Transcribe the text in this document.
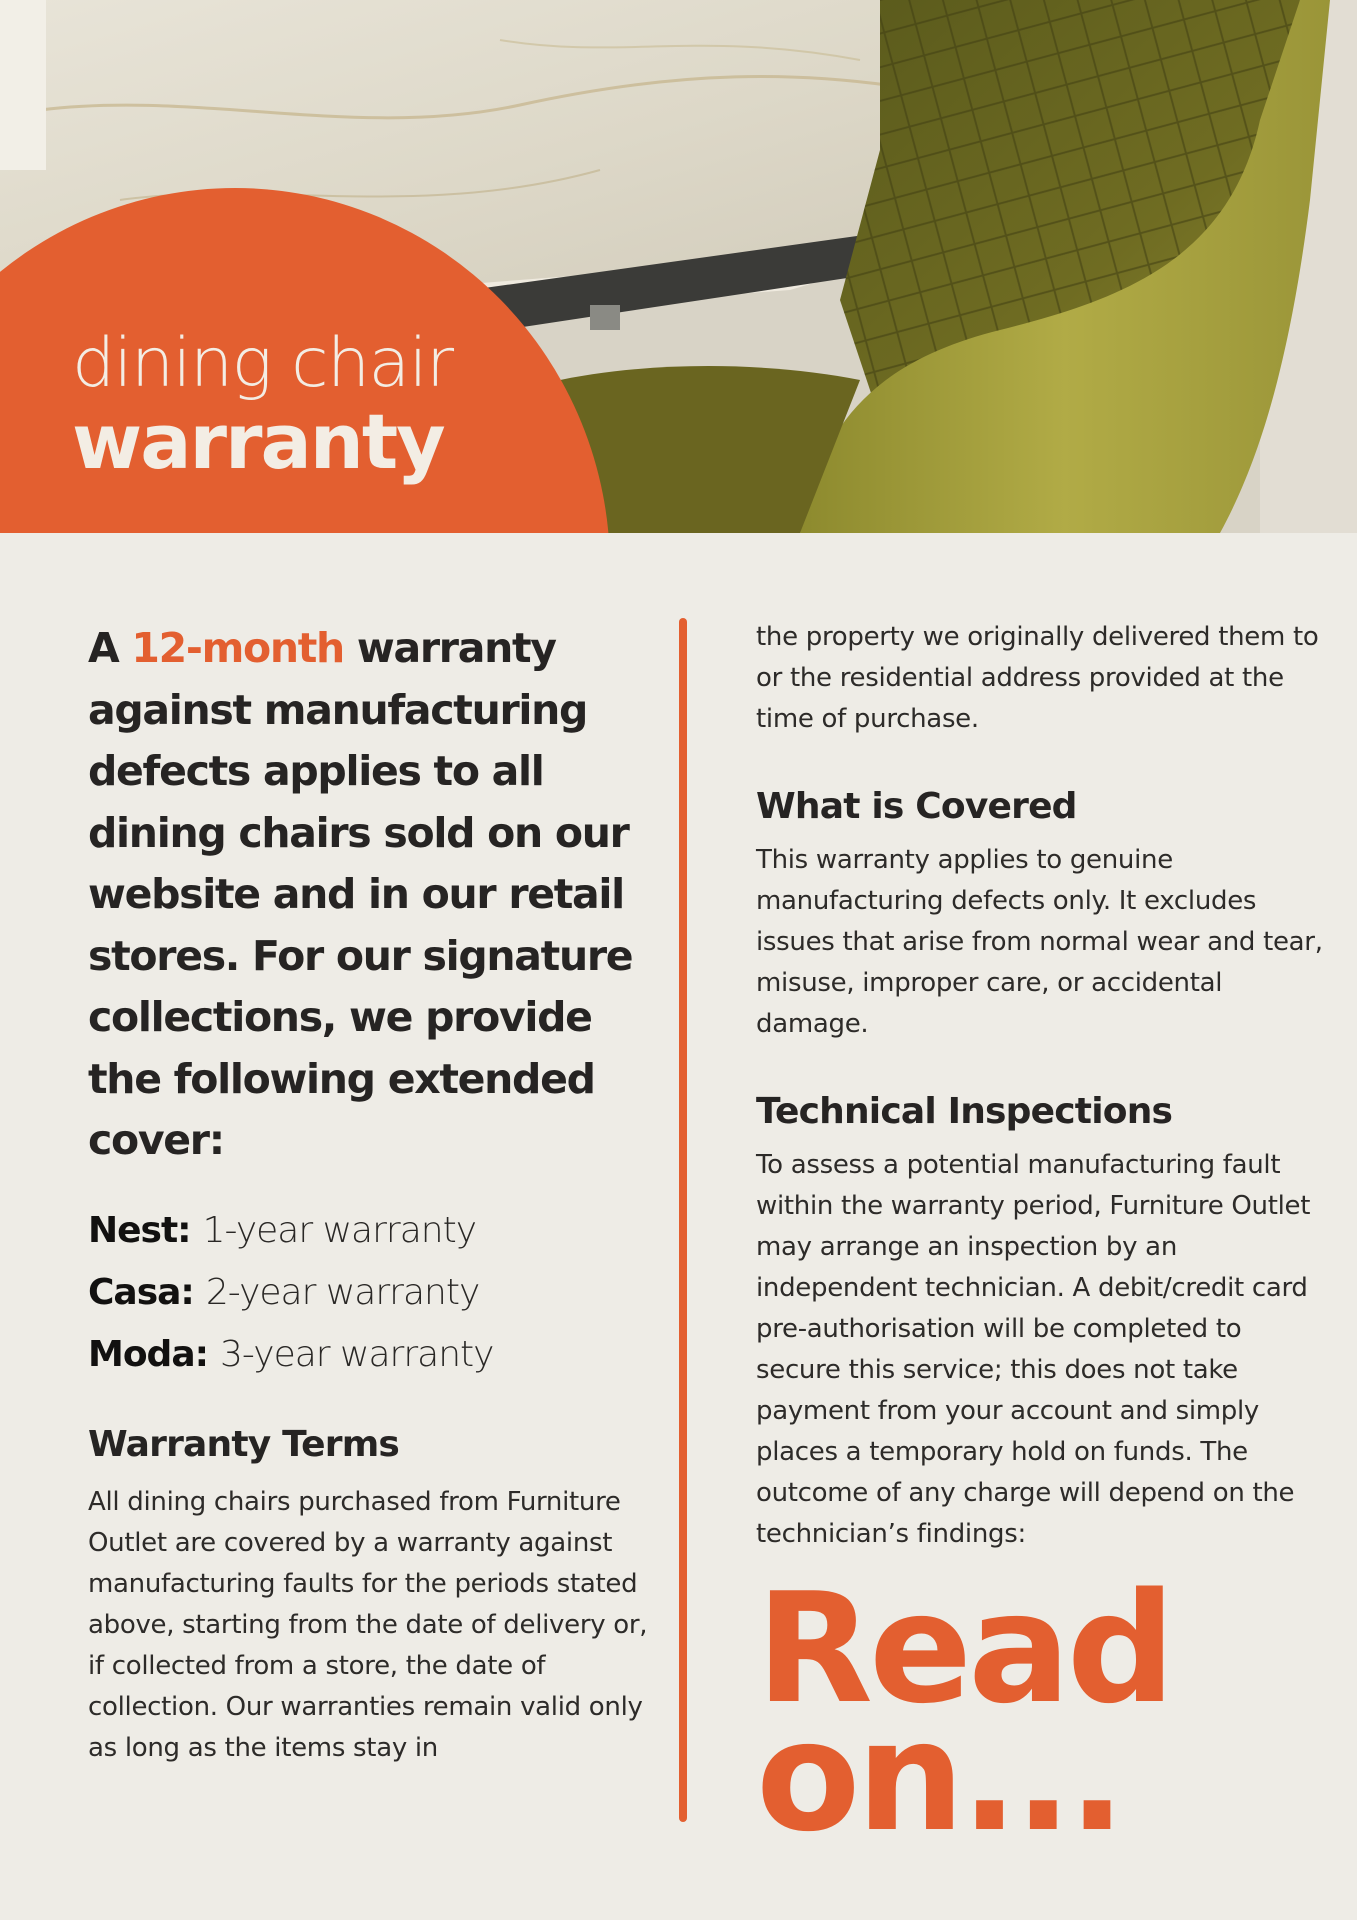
dining chair
warranty

A 12-month warranty against manufacturing defects applies to all dining chairs sold on our website and in our retail stores. For our signature collections, we provide the following extended cover:

Nest: 1-year warranty
Casa: 2-year warranty
Moda: 3-year warranty
Warranty Terms

All dining chairs purchased from Furniture Outlet are covered by a warranty against manufacturing faults for the periods stated above, starting from the date of delivery or, if collected from a store, the date of collection. Our warranties remain valid only as long as the items stay in

the property we originally delivered them to or the residential address provided at the time of purchase.

What is Covered

This warranty applies to genuine manufacturing defects only. It excludes issues that arise from normal wear and tear, misuse, improper care, or accidental damage.

Technical Inspections

To assess a potential manufacturing fault within the warranty period, Furniture Outlet may arrange an inspection by an independent technician. A debit/credit card pre-authorisation will be completed to secure this service; this does not take payment from your account and simply places a temporary hold on funds. The outcome of any charge will depend on the technician’s findings:

Read
on...
